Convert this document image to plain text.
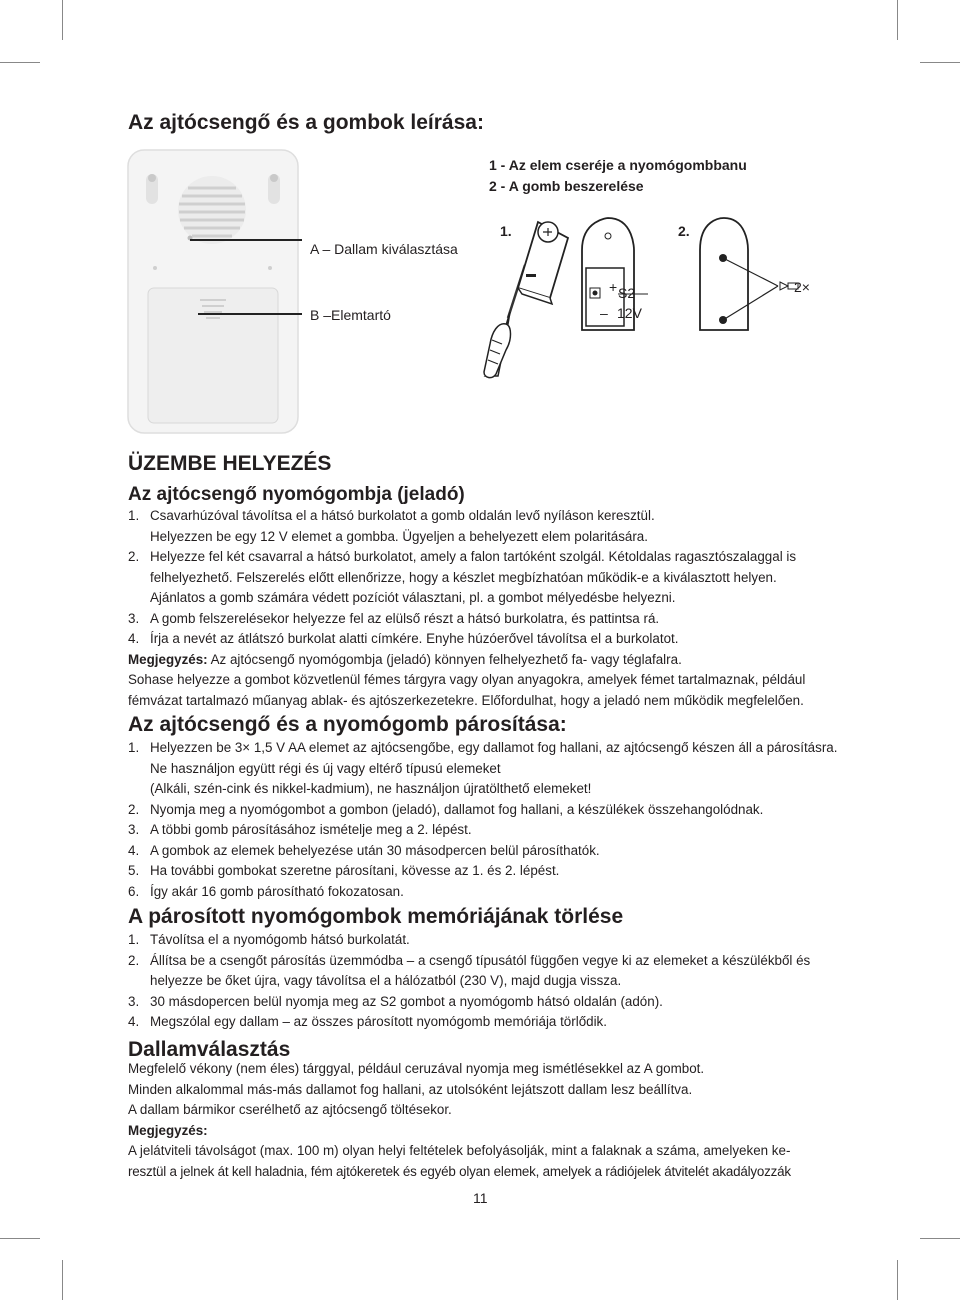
Az ajtócsengő és a gombok leírása:
+
–
S2
12V
2×
A – Dallam kiválasztása
B –Elemtartó
1 - Az elem cseréje a nyomógombbanu
2 - A gomb beszerelése
1.	2.
ÜZEMBE HELYEZÉS
Az ajtócsengő nyomógombja (jeladó)
1. Csavarhúzóval távolítsa el a hátsó burkolatot a gomb oldalán levő nyíláson keresztül.
Helyezzen be egy 12 V elemet a gombba. Ügyeljen a behelyezett elem polaritására.
2. Helyezze fel két csavarral a hátsó burkolatot, amely a falon tartóként szolgál. Kétoldalas ragasztószalaggal is
felhelyezhető. Felszerelés előtt ellenőrizze, hogy a készlet megbízhatóan működik-e a kiválasztott helyen.
Ajánlatos a gomb számára védett pozíciót választani, pl. a gombot mélyedésbe helyezni.
3. A gomb felszerelésekor helyezze fel az elülső részt a hátsó burkolatra, és pattintsa rá.
4. Írja a nevét az átlátszó burkolat alatti címkére. Enyhe húzóerővel távolítsa el a burkolatot.
Megjegyzés: Az ajtócsengő nyomógombja (jeladó) könnyen felhelyezhető fa- vagy téglafalra.
Sohase helyezze a gombot közvetlenül fémes tárgyra vagy olyan anyagokra, amelyek fémet tartalmaznak, például
fémvázat tartalmazó műanyag ablak- és ajtószerkezetekre. Előfordulhat, hogy a jeladó nem működik megfelelően.
Az ajtócsengő és a nyomógomb párosítása:
1. Helyezzen be 3× 1,5 V AA elemet az ajtócsengőbe, egy dallamot fog hallani, az ajtócsengő készen áll a párosításra.
Ne használjon együtt régi és új vagy eltérő típusú elemeket
(Alkáli, szén-cink és nikkel-kadmium), ne használjon újratölthető elemeket!
2. Nyomja meg a nyomógombot a gombon (jeladó), dallamot fog hallani, a készülékek összehangolódnak.
3. A többi gomb párosításához ismételje meg a 2. lépést.
4. A gombok az elemek behelyezése után 30 másodpercen belül párosíthatók.
5. Ha további gombokat szeretne párosítani, kövesse az 1. és 2. lépést.
6. Így akár 16 gomb párosítható fokozatosan.
A párosított nyomógombok memóriájának törlése
1. Távolítsa el a nyomógomb hátsó burkolatát.
2. Állítsa be a csengőt párosítás üzemmódba – a csengő típusától függően vegye ki az elemeket a készülékből és
helyezze be őket újra, vagy távolítsa el a hálózatból (230 V), majd dugja vissza.
3. 30 másdopercen belül nyomja meg az S2 gombot a nyomógomb hátsó oldalán (adón).
4. Megszólal egy dallam – az összes párosított nyomógomb memóriája törlődik.
Dallamválasztás
Megfelelő vékony (nem éles) tárggyal, például ceruzával nyomja meg ismétlésekkel az A gombot.
Minden alkalommal más-más dallamot fog hallani, az utolsóként lejátszott dallam lesz beállítva.
A dallam bármikor cserélhető az ajtócsengő töltésekor.
Megjegyzés:
A jelátviteli távolságot (max. 100 m) olyan helyi feltételek befolyásolják, mint a falaknak a száma, amelyeken ke-
resztül a jelnek át kell haladnia, fém ajtókeretek és egyéb olyan elemek, amelyek a rádiójelek átvitelét akadályozzák
11
